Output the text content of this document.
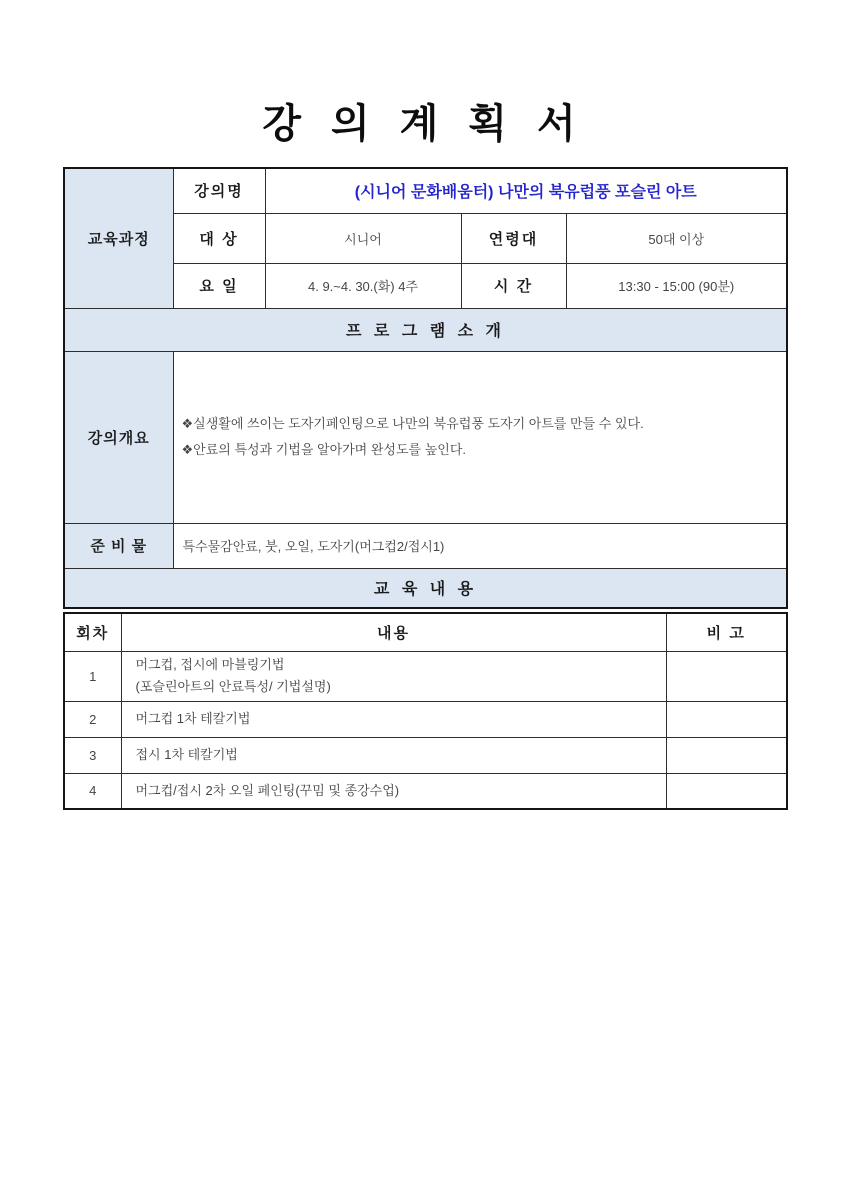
강 의 계 획 서
교육과정	강의명	(시니어 문화배움터) 나만의 북유럽풍 포슬린 아트		
	대 상	시니어	연령대	50대 이상
	요 일	4. 9.~4. 30.(화) 4주	시 간	13:30 - 15:00 (90분)
프 로 그 램 소 개				
강의개요	❖실생활에 쓰이는 도자기페인팅으로 나만의 북유럽풍 도자기 아트를 만들 수 있다.
❖안료의 특성과 기법을 알아가며 완성도를 높인다.			

준 비 물	특수물감안료, 붓, 오일, 도자기(머그컵2/접시1)			
교 육 내 용				
회차	내용	비 고
1	머그컵, 접시에 마블링기법
(포슬린아트의 안료특성/ 기법설명)	

2	머그컵 1차 테칼기법	
3	접시 1차 테칼기법	
4	머그컵/접시 2차 오일 페인팅(꾸밈 및 종강수업)	
